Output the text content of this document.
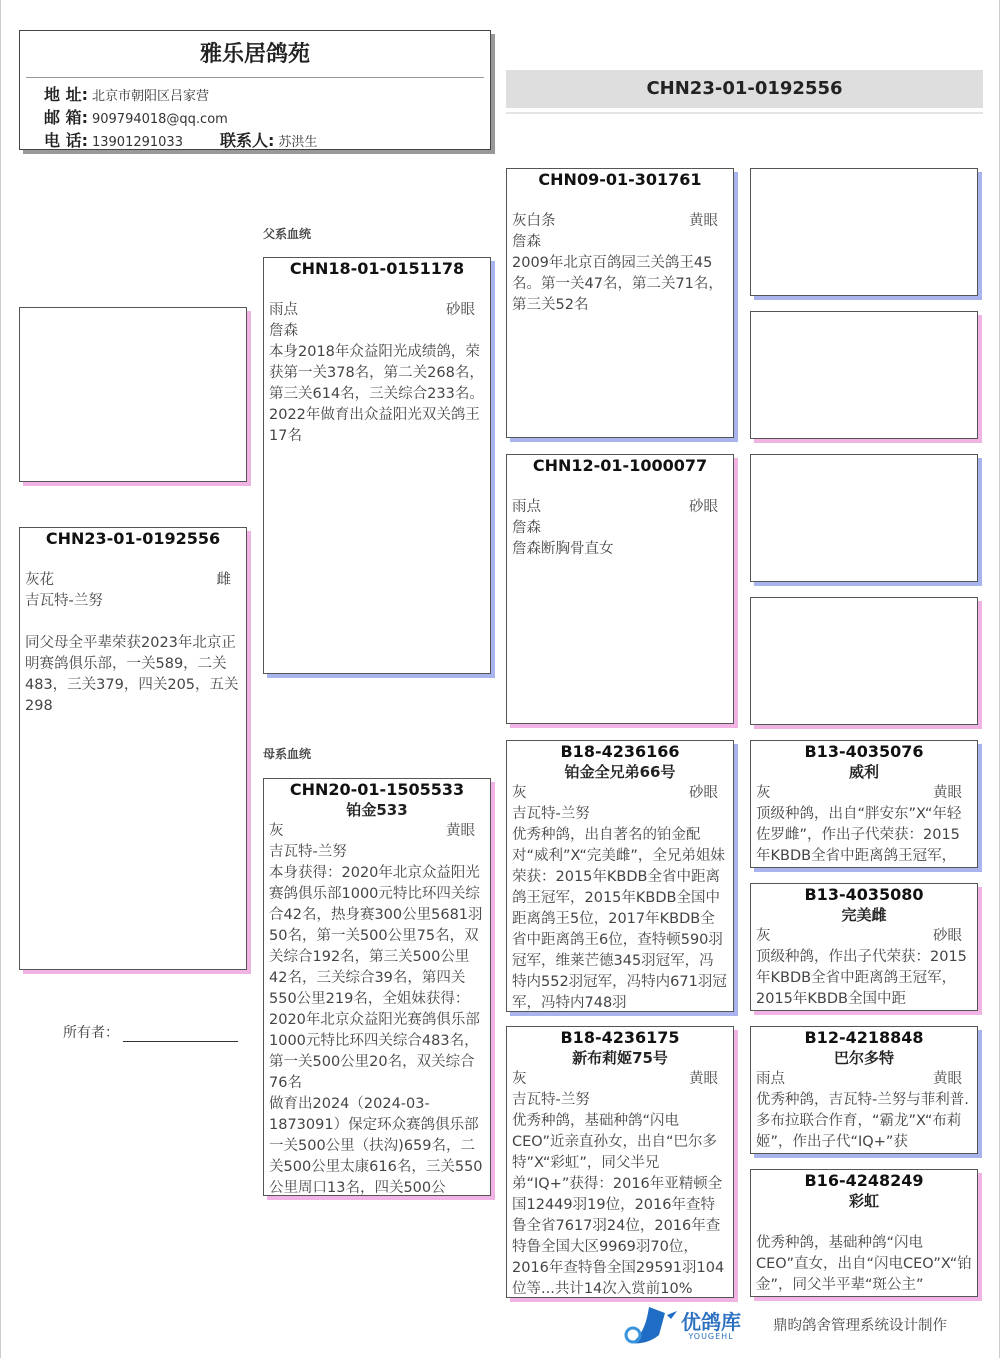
雅乐居鸽苑
地 址: 北京市朝阳区吕家营
邮 箱: 909794018@qq.com
电 话: 13901291033 联系人: 苏洪生
CHN23-01-0192556
父系血统
母系血统
CHN23-01-0192556
灰花	雌
吉瓦特-兰努
同父母全平辈荣获2023年北京正明赛鸽俱乐部，一关589，二关483，三关379，四关205，五关298
CHN18-01-0151178
雨点	砂眼
詹森
本身2018年众益阳光成绩鸽，荣获第一关378名，第二关268名，第三关614名，三关综合233名。
2022年做育出众益阳光双关鸽王17名
CHN20-01-1505533
铂金533
灰	黄眼
吉瓦特-兰努
本身获得：2020年北京众益阳光赛鸽俱乐部1000元特比环四关综合42名，热身赛300公里5681羽50名，第一关500公里75名，双关综合192名，第三关500公里42名，三关综合39名，第四关550公里219名，全姐妹获得：2020年北京众益阳光赛鸽俱乐部1000元特比环四关综合483名，第一关500公里20名，双关综合76名
做育出2024（2024-03-1873091）保定环众赛鸽俱乐部一关500公里（扶沟)659名，二关500公里太康616名，三关550公里周口13名，四关500公
CHN09-01-301761
灰白条	黄眼
詹森
2009年北京百鸽园三关鸽王45名。第一关47名，第二关71名，第三关52名
CHN12-01-1000077
雨点	砂眼
詹森
詹森断胸骨直女
B18-4236166
铂金全兄弟66号
灰	砂眼
吉瓦特-兰努
优秀种鸽，出自著名的铂金配对“威利”X“完美雌”，全兄弟姐妹荣获：2015年KBDB全省中距离鸽王冠军，2015年KBDB全国中距离鸽王5位，2017年KBDB全省中距离鸽王6位，查特顿590羽冠军，维莱芒德345羽冠军，冯特内552羽冠军，冯特内671羽冠军，冯特内748羽
B18-4236175
新布莉姬75号
灰	黄眼
吉瓦特-兰努
优秀种鸽，基础种鸽“闪电CEO”近亲直孙女，出自“巴尔多特”X“彩虹”，同父半兄弟“IQ+”获得：2016年亚精顿全国12449羽19位，2016年查特鲁全省7617羽24位，2016年查特鲁全国大区9969羽70位，2016年查特鲁全国29591羽104位等...共计14次入赏前10%
B13-4035076
威利
灰	黄眼
顶级种鸽，出自“胖安东”X“年轻佐罗雌”，作出子代荣获：2015年KBDB全省中距离鸽王冠军，
B13-4035080
完美雌
灰	砂眼
顶级种鸽，作出子代荣获：2015年KBDB全省中距离鸽王冠军，2015年KBDB全国中距
B12-4218848
巴尔多特
雨点	黄眼
优秀种鸽，吉瓦特-兰努与菲利普.多布拉联合作育，“霸龙”X“布莉姬”，作出子代“IQ+”获
B16-4248249
彩虹
优秀种鸽，基础种鸽“闪电CEO”直女，出自“闪电CEO”X“铂金”，同父半平辈“斑公主”
所有者：
优鸽库
YOUGEHL
鼎昀鸽舍管理系统设计制作
